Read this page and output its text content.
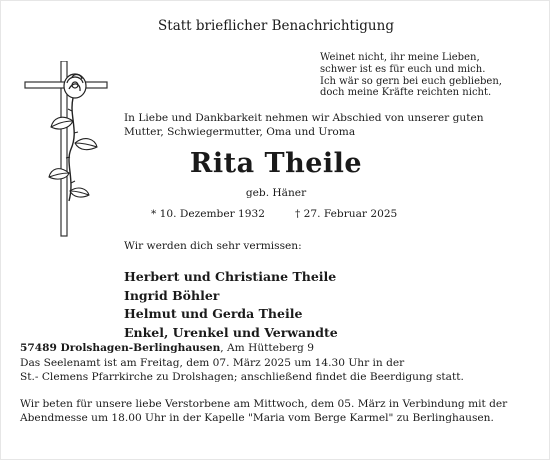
Statt brieflicher Benachrichtigung
Weinet nicht, ihr meine Lieben,
schwer ist es für euch und mich.
Ich wär so gern bei euch geblieben,
doch meine Kräfte reichten nicht.
In Liebe und Dankbarkeit nehmen wir Abschied von unserer guten
Mutter, Schwiegermutter, Oma und Uroma
Rita Theile
geb. Häner
* 10. Dezember 1932	† 27. Februar 2025
Wir werden dich sehr vermissen:
Herbert und Christiane Theile
Ingrid Böhler
Helmut und Gerda Theile
Enkel, Urenkel und Verwandte
57489 Drolshagen-Berlinghausen, Am Hütteberg 9
Das Seelenamt ist am Freitag, dem 07. März 2025 um 14.30 Uhr in der
St.- Clemens Pfarrkirche zu Drolshagen; anschließend findet die Beerdigung statt.
Wir beten für unsere liebe Verstorbene am Mittwoch, dem 05. März in Verbindung mit der
Abendmesse um 18.00 Uhr in der Kapelle "Maria vom Berge Karmel" zu Berlinghausen.
